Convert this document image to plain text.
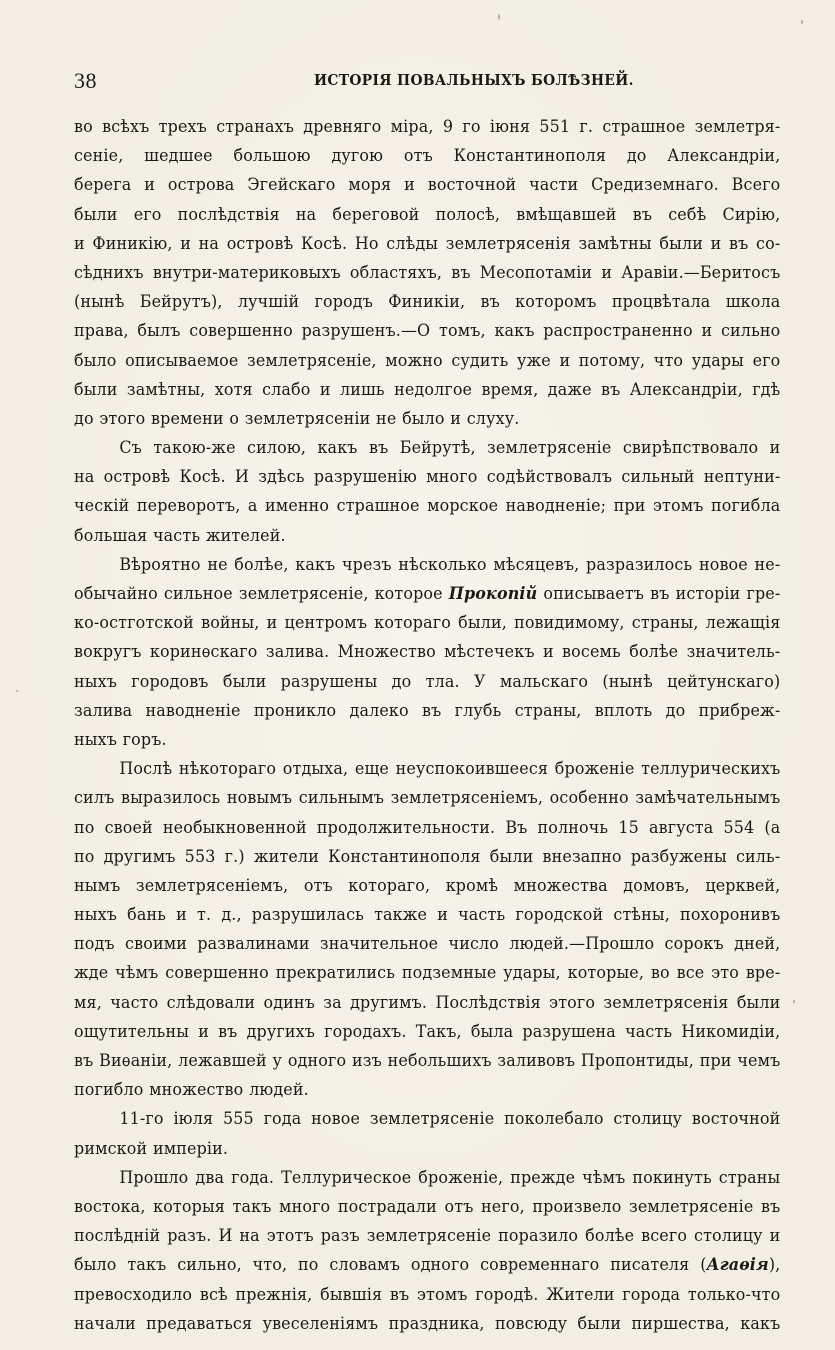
38	ИСТОРІЯ ПОВАЛЬНЫХЪ БОЛѢЗНЕЙ.
во всѣхъ трехъ странахъ древняго міра, 9 го іюня 551 г. страшное землетря-
сеніе, шедшее большою дугою отъ Константинополя до Александріи,
берега и острова Эгейскаго моря и восточной части Средиземнаго. Всего
были его послѣдствія на береговой полосѣ, вмѣщавшей въ себѣ Сирію,
и Финикію, и на островѣ Косѣ. Но слѣды землетрясенія замѣтны были и въ со-
сѣднихъ внутри-материковыхъ областяхъ, въ Месопотаміи и Аравіи.—Беритосъ
(нынѣ Бейрутъ), лучшій городъ Финикіи, въ которомъ процвѣтала школа
права, былъ совершенно разрушенъ.—О томъ, какъ распространенно и сильно
было описываемое землетрясеніе, можно судить уже и потому, что удары его
были замѣтны, хотя слабо и лишь недолгое время, даже въ Александріи, гдѣ
до этого времени о землетрясеніи не было и слуху.
Съ такою-же силою, какъ въ Бейрутѣ, землетрясеніе свирѣпствовало и
на островѣ Косѣ. И здѣсь разрушенію много содѣйствовалъ сильный нептуни-
ческій переворотъ, а именно страшное морское наводненіе; при этомъ погибла
большая часть жителей.
Вѣроятно не болѣе, какъ чрезъ нѣсколько мѣсяцевъ, разразилось новое не-
обычайно сильное землетрясеніе, которое Прокопій описываетъ въ исторіи гре-
ко-остготской войны, и центромъ котораго были, повидимому, страны, лежащія
вокругъ коринѳскаго залива. Множество мѣстечекъ и восемь болѣе значитель-
ныхъ городовъ были разрушены до тла. У мальскаго (нынѣ цейтунскаго)
залива наводненіе проникло далеко въ глубь страны, вплоть до прибреж-
ныхъ горъ.
Послѣ нѣкотораго отдыха, еще неуспокоившееся броженіе теллурическихъ
силъ выразилось новымъ сильнымъ землетрясеніемъ, особенно замѣчательнымъ
по своей необыкновенной продолжительности. Въ полночь 15 августа 554 (а
по другимъ 553 г.) жители Константинополя были внезапно разбужены силь-
нымъ землетрясеніемъ, отъ котораго, кромѣ множества домовъ, церквей,
ныхъ бань и т. д., разрушилась также и часть городской стѣны, похоронивъ
подъ своими развалинами значительное число людей.—Прошло сорокъ дней,
жде чѣмъ совершенно прекратились подземные удары, которые, во все это вре-
мя, часто слѣдовали одинъ за другимъ. Послѣдствія этого землетрясенія были
ощутительны и въ другихъ городахъ. Такъ, была разрушена часть Никомидіи,
въ Виѳаніи, лежавшей у одного изъ небольшихъ заливовъ Пропонтиды, при чемъ
погибло множество людей.
11-го іюля 555 года новое землетрясеніе поколебало столицу восточной
римской имперіи.
Прошло два года. Теллурическое броженіе, прежде чѣмъ покинуть страны
востока, которыя такъ много пострадали отъ него, произвело землетрясеніе въ
послѣдній разъ. И на этотъ разъ землетрясеніе поразило болѣе всего столицу и
было такъ сильно, что, по словамъ одного современнаго писателя (Агаѳія),
превосходило всѣ прежнія, бывшія въ этомъ городѣ. Жители города только-что
начали предаваться увеселеніямъ праздника, повсюду были пиршества, какъ
